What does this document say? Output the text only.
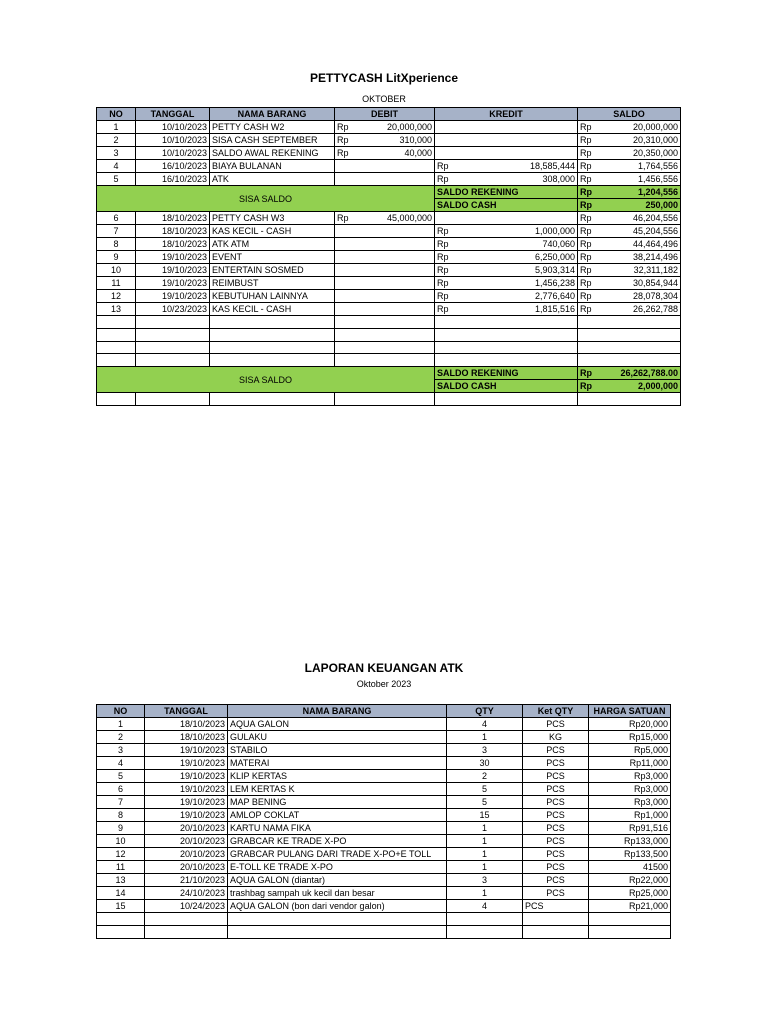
PETTYCASH LitXperience
OKTOBER
NO	TANGGAL	NAMA BARANG	DEBIT	KREDIT	SALDO
1	10/10/2023	PETTY CASH W2	Rp 20,000,000		Rp 20,000,000

2	10/10/2023	SISA CASH SEPTEMBER	Rp 310,000		Rp 20,310,000

3	10/10/2023	SALDO AWAL REKENING	Rp 40,000		Rp 20,350,000

4	16/10/2023	BIAYA BULANAN		Rp 18,585,444	Rp 1,764,556

5	16/10/2023	ATK		Rp 308,000	Rp 1,456,556

SISA SALDO				SALDO REKENING	Rp 1,204,556

				SALDO CASH	Rp 250,000

6	18/10/2023	PETTY CASH W3	Rp 45,000,000		Rp 46,204,556

7	18/10/2023	KAS KECIL - CASH		Rp 1,000,000	Rp 45,204,556

8	18/10/2023	ATK ATM		Rp 740,060	Rp 44,464,496

9	19/10/2023	EVENT		Rp 6,250,000	Rp 38,214,496

10	19/10/2023	ENTERTAIN SOSMED		Rp 5,903,314	Rp 32,311,182

11	19/10/2023	REIMBUST		Rp 1,456,238	Rp 30,854,944

12	19/10/2023	KEBUTUHAN LAINNYA		Rp 2,776,640	Rp 28,078,304

13	10/23/2023	KAS KECIL - CASH		Rp 1,815,516	Rp 26,262,788

SISA SALDO				SALDO REKENING	Rp 26,262,788.00

				SALDO CASH	Rp 2,000,000

LAPORAN KEUANGAN ATK
Oktober 2023
NO	TANGGAL	NAMA BARANG	QTY	Ket QTY	HARGA SATUAN
1	18/10/2023	AQUA GALON	4	PCS	Rp20,000
2	18/10/2023	GULAKU	1	KG	Rp15,000
3	19/10/2023	STABILO	3	PCS	Rp5,000
4	19/10/2023	MATERAI	30	PCS	Rp11,000
5	19/10/2023	KLIP KERTAS	2	PCS	Rp3,000
6	19/10/2023	LEM KERTAS K	5	PCS	Rp3,000
7	19/10/2023	MAP BENING	5	PCS	Rp3,000
8	19/10/2023	AMLOP COKLAT	15	PCS	Rp1,000
9	20/10/2023	KARTU NAMA FIKA	1	PCS	Rp91,516
10	20/10/2023	GRABCAR KE TRADE X-PO	1	PCS	Rp133,000
12	20/10/2023	GRABCAR PULANG DARI TRADE X-PO+E TOLL	1	PCS	Rp133,500
11	20/10/2023	E-TOLL KE TRADE X-PO	1	PCS	41500
13	21/10/2023	AQUA GALON (diantar)	3	PCS	Rp22,000
14	24/10/2023	trashbag sampah uk kecil dan besar	1	PCS	Rp25,000
15	10/24/2023	AQUA GALON (bon dari vendor galon)	4	PCS	Rp21,000
